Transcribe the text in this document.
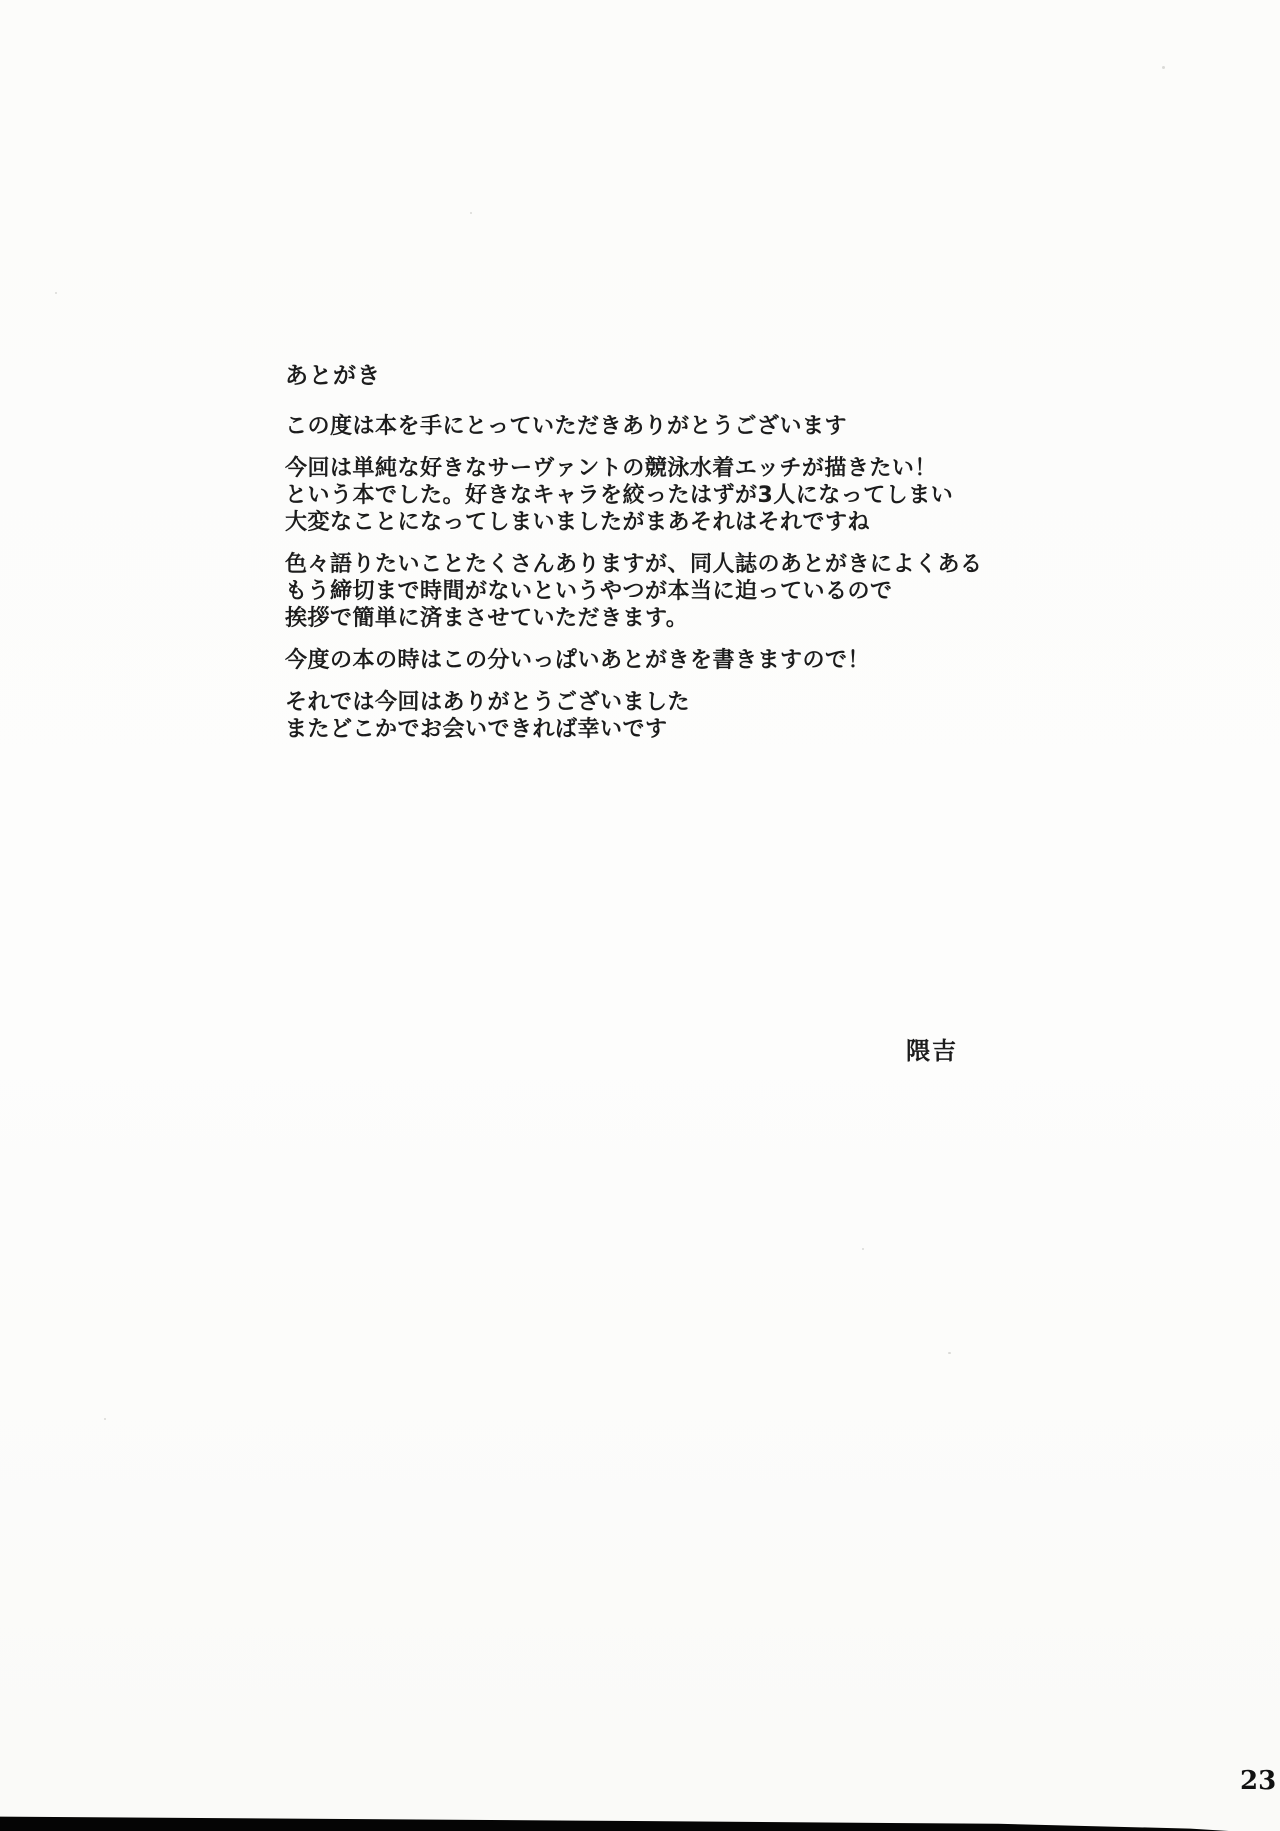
あとがき

この度は本を手にとっていただきありがとうございます

今回は単純な好きなサーヴァントの競泳水着エッチが描きたい！
という本でした。好きなキャラを絞ったはずが3人になってしまい
大変なことになってしまいましたがまあそれはそれですね

色々語りたいことたくさんありますが、同人誌のあとがきによくある
もう締切まで時間がないというやつが本当に迫っているので
挨拶で簡単に済まさせていただきます。

今度の本の時はこの分いっぱいあとがきを書きますので！

それでは今回はありがとうございました
またどこかでお会いできれば幸いです

隈吉
23
